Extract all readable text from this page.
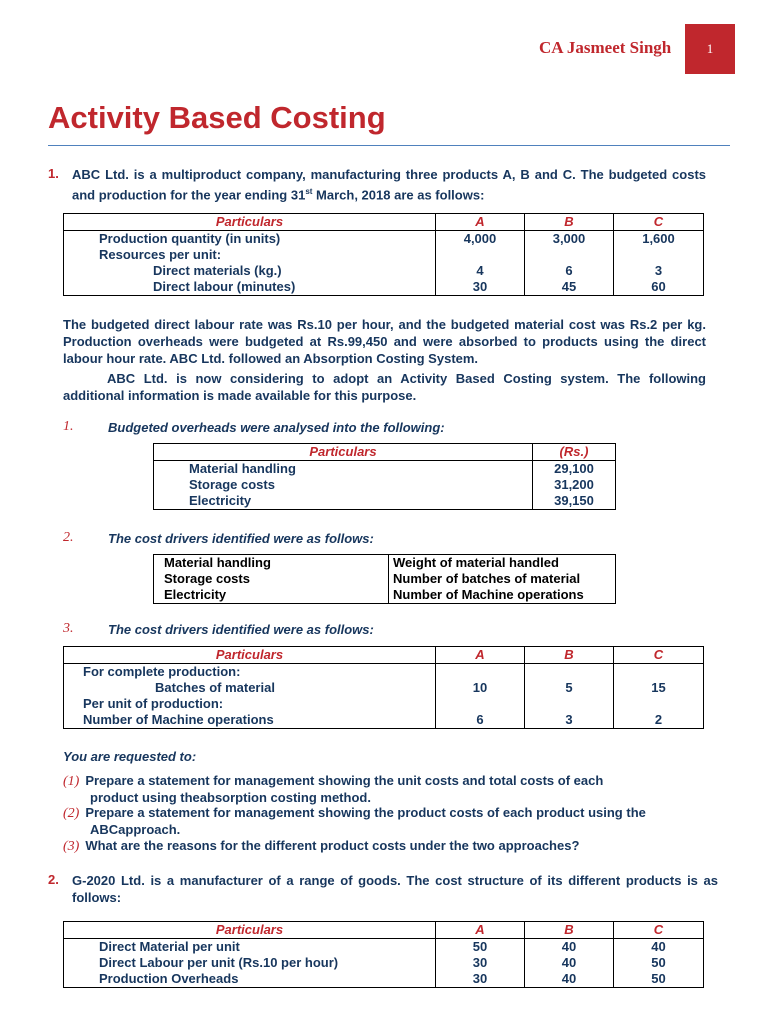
CA Jasmeet Singh	1
Activity Based Costing
1. ABC Ltd. is a multiproduct company, manufacturing three products A, B and C. The budgeted costs and production for the year ending 31st March, 2018 are as follows:
Particulars	A	B	C
Production quantity (in units)	4,000	3,000	1,600
Resources per unit:			
Direct materials (kg.)	4	6	3
Direct labour (minutes)	30	45	60
The budgeted direct labour rate was Rs.10 per hour, and the budgeted material cost was Rs.2 per kg. Production overheads were budgeted at Rs.99,450 and were absorbed to products using the direct labour hour rate. ABC Ltd. followed an Absorption Costing System.
ABC Ltd. is now considering to adopt an Activity Based Costing system. The following additional information is made available for this purpose.
1.	Budgeted overheads were analysed into the following:
Particulars	(Rs.)
Material handling	29,100
Storage costs	31,200
Electricity	39,150
2.	The cost drivers identified were as follows:
Material handling	Weight of material handled
Storage costs	Number of batches of material
Electricity	Number of Machine operations
3.	The cost drivers identified were as follows:
Particulars	A	B	C
For complete production:			
Batches of material	10	5	15
Per unit of production:			
Number of Machine operations	6	3	2
You are requested to:
(1) Prepare a statement for management showing the unit costs and total costs of each
product using theabsorption costing method.
(2) Prepare a statement for management showing the product costs of each product using the
ABCapproach.
(3) What are the reasons for the different product costs under the two approaches?
2. G-2020 Ltd. is a manufacturer of a range of goods. The cost structure of its different products is as follows:
Particulars	A	B	C
Direct Material per unit	50	40	40
Direct Labour per unit (Rs.10 per hour)	30	40	50
Production Overheads	30	40	50
